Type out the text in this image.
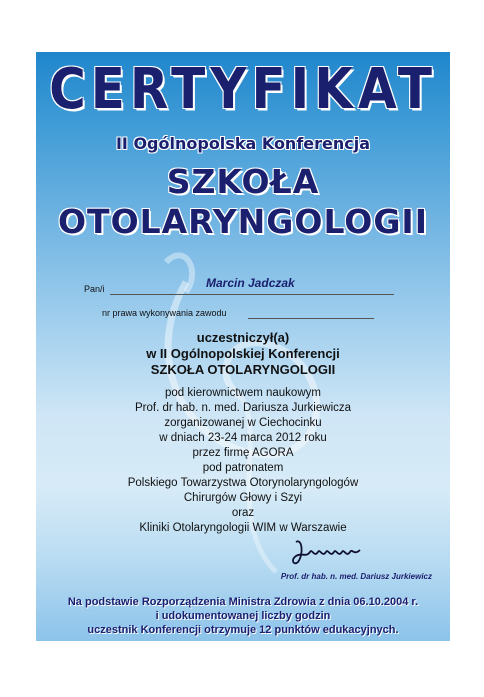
CERTYFIKAT
II Ogólnopolska Konferencja
SZKOŁA
OTOLARYNGOLOGII
Pan/i	Marcin Jadczak
nr prawa wykonywania zawodu
uczestniczył(a)
w II Ogólnopolskiej Konferencji
SZKOŁA OTOLARYNGOLOGII
pod kierownictwem naukowym
Prof. dr hab. n. med. Dariusza Jurkiewicza
zorganizowanej w Ciechocinku
w dniach 23-24 marca 2012 roku
przez firmę AGORA
pod patronatem
Polskiego Towarzystwa Otorynolaryngologów
Chirurgów Głowy i Szyi
oraz
Kliniki Otolaryngologii WIM w Warszawie
Prof. dr hab. n. med. Dariusz Jurkiewicz
Na podstawie Rozporządzenia Ministra Zdrowia z dnia 06.10.2004 r.
i udokumentowanej liczby godzin
uczestnik Konferencji otrzymuje 12 punktów edukacyjnych.
